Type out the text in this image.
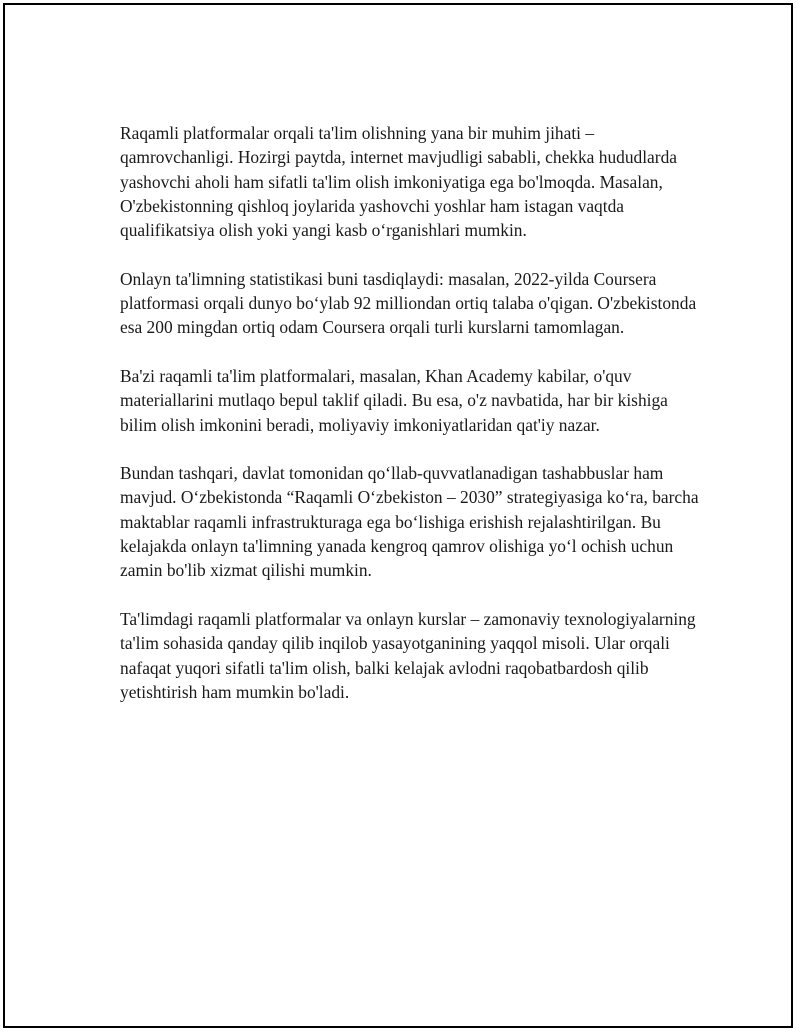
Raqamli platformalar orqali ta'lim olishning yana bir muhim jihati – qamrovchanligi. Hozirgi paytda, internet mavjudligi sababli, chekka hududlarda yashovchi aholi ham sifatli ta'lim olish imkoniyatiga ega bo'lmoqda. Masalan, O'zbekistonning qishloq joylarida yashovchi yoshlar ham istagan vaqtda qualifikatsiya olish yoki yangi kasb oʻrganishlari mumkin.

Onlayn ta'limning statistikasi buni tasdiqlaydi: masalan, 2022-yilda Coursera platformasi orqali dunyo boʻylab 92 milliondan ortiq talaba o'qigan. O'zbekistonda esa 200 mingdan ortiq odam Coursera orqali turli kurslarni tamomlagan.

Ba'zi raqamli ta'lim platformalari, masalan, Khan Academy kabilar, o'quv materiallarini mutlaqo bepul taklif qiladi. Bu esa, o'z navbatida, har bir kishiga bilim olish imkonini beradi, moliyaviy imkoniyatlaridan qat'iy nazar.

Bundan tashqari, davlat tomonidan qoʻllab-quvvatlanadigan tashabbuslar ham mavjud. Oʻzbekistonda “Raqamli Oʻzbekiston – 2030” strategiyasiga koʻra, barcha maktablar raqamli infrastrukturaga ega boʻlishiga erishish rejalashtirilgan. Bu kelajakda onlayn ta'limning yanada kengroq qamrov olishiga yoʻl ochish uchun zamin bo'lib xizmat qilishi mumkin.

Ta'limdagi raqamli platformalar va onlayn kurslar – zamonaviy texnologiyalarning ta'lim sohasida qanday qilib inqilob yasayotganining yaqqol misoli. Ular orqali nafaqat yuqori sifatli ta'lim olish, balki kelajak avlodni raqobatbardosh qilib yetishtirish ham mumkin bo'ladi.
